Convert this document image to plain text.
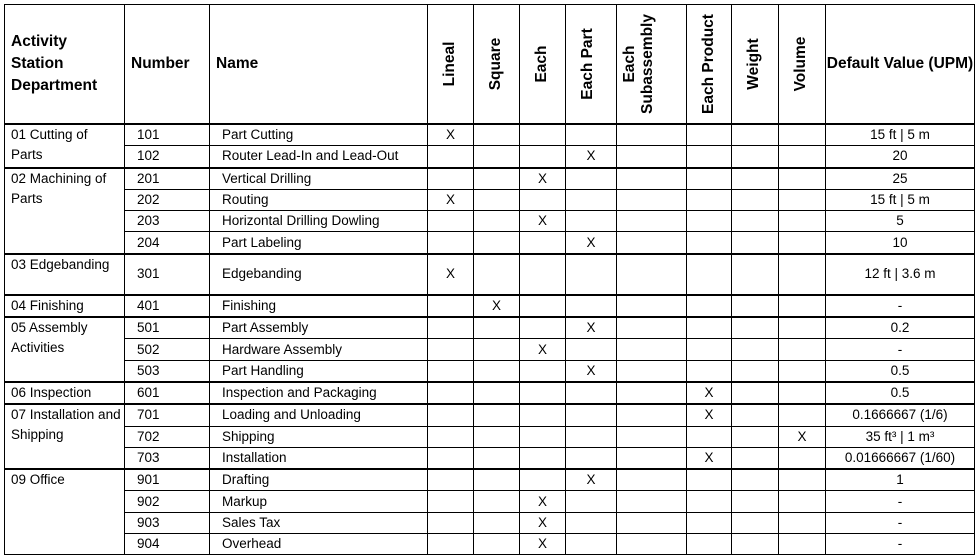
Activity Station Department	Number	Name	Lineal	Square	Each	Each Part	Each Subassembly	Each Product	Weight	Volume	Default Value (UPM)
01 Cutting of Parts	101	Part Cutting	X								15 ft | 5 m
	102	Router Lead-In and Lead-Out				X					20
02 Machining of Parts	201	Vertical Drilling			X						25
	202	Routing	X								15 ft | 5 m
	203	Horizontal Drilling Dowling			X						5
	204	Part Labeling				X					10
03 Edgebanding	301	Edgebanding	X								12 ft | 3.6 m
04 Finishing	401	Finishing		X							-
05 Assembly Activities	501	Part Assembly				X					0.2
	502	Hardware Assembly			X						-
	503	Part Handling				X					0.5
06 Inspection	601	Inspection and Packaging						X			0.5
07 Installation and Shipping	701	Loading and Unloading						X			0.1666667 (1/6)
	702	Shipping								X	35 ft³ | 1 m³
	703	Installation						X			0.01666667 (1/60)
09 Office	901	Drafting				X					1
	902	Markup			X						-
	903	Sales Tax			X						-
	904	Overhead			X						-
